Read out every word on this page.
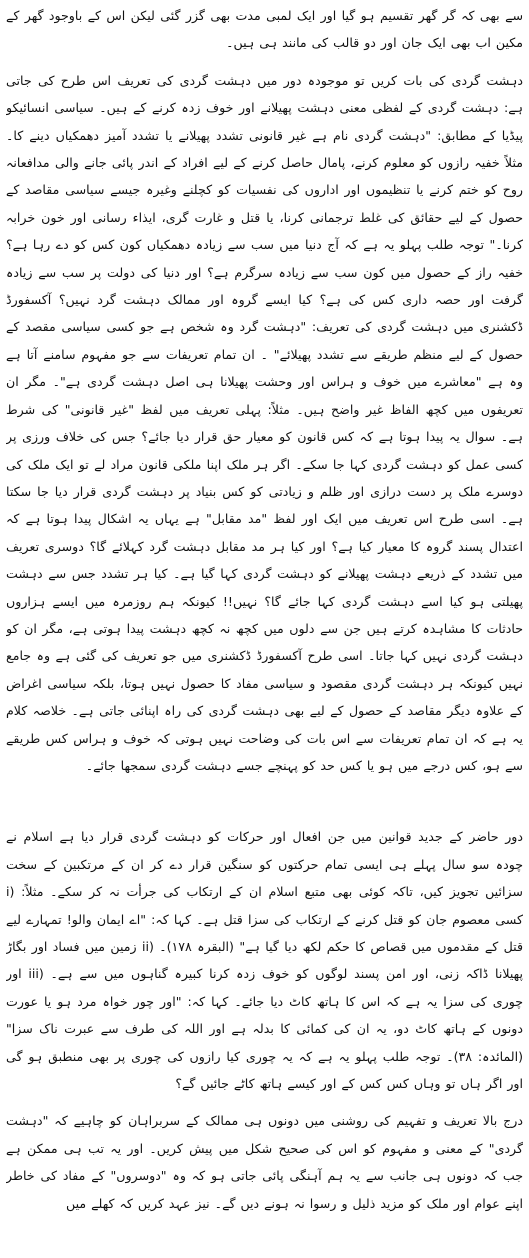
سے بھی کہ گر گھر تقسیم ہو گیا اور ایک لمبی مدت بھی گزر گئی لیکن اس کے باوجود گھر کے مکین اب بھی ایک جان اور دو قالب کی مانند ہی ہیں۔

دہشت گردی کی بات کریں تو موجودہ دور میں دہشت گردی کی تعریف اس طرح کی جاتی ہے: دہشت گردی کے لفظی معنی دہشت پھیلانے اور خوف زدہ کرنے کے ہیں۔ سیاسی انسائیکو پیڈیا کے مطابق: "دہشت گردی نام ہے غیر قانونی تشدد پھیلانے یا تشدد آمیز دھمکیاں دینے کا۔ مثلاً خفیہ رازوں کو معلوم کرنے، پامال حاصل کرنے کے لیے افراد کے اندر پائی جانے والی مدافعانہ روح کو ختم کرنے یا تنظیموں اور اداروں کی نفسیات کو کچلنے وغیرہ جیسے سیاسی مقاصد کے حصول کے لیے حقائق کی غلط ترجمانی کرنا، یا قتل و غارت گری، ایذاء رسانی اور خون خرابہ کرنا۔" توجہ طلب پہلو یہ ہے کہ آج دنیا میں سب سے زیادہ دھمکیاں کون کس کو دے رہا ہے؟ خفیہ راز کے حصول میں کون سب سے زیادہ سرگرم ہے؟ اور دنیا کی دولت پر سب سے زیادہ گرفت اور حصہ داری کس کی ہے؟ کیا ایسے گروہ اور ممالک دہشت گرد نہیں؟ آکسفورڈ ڈکشنری میں دہشت گردی کی تعریف: "دہشت گرد وہ شخص ہے جو کسی سیاسی مقصد کے حصول کے لیے منظم طریقے سے تشدد پھیلائے" ۔ ان تمام تعریفات سے جو مفہوم سامنے آتا ہے وہ ہے "معاشرے میں خوف و ہراس اور وحشت پھیلانا ہی اصل دہشت گردی ہے"۔ مگر ان تعریفوں میں کچھ الفاظ غیر واضح ہیں۔ مثلاً: پہلی تعریف میں لفظ "غیر قانونی" کی شرط ہے۔ سوال یہ پیدا ہوتا ہے کہ کس قانون کو معیار حق قرار دیا جائے؟ جس کی خلاف ورزی پر کسی عمل کو دہشت گردی کہا جا سکے۔ اگر ہر ملک اپنا ملکی قانون مراد لے تو ایک ملک کی دوسرے ملک پر دست درازی اور ظلم و زیادتی کو کس بنیاد پر دہشت گردی قرار دیا جا سکتا ہے۔ اسی طرح اس تعریف میں ایک اور لفظ "مد مقابل" ہے یہاں یہ اشکال پیدا ہوتا ہے کہ اعتدال پسند گروہ کا معیار کیا ہے؟ اور کیا ہر مد مقابل دہشت گرد کہلائے گا؟ دوسری تعریف میں تشدد کے ذریعے دہشت پھیلانے کو دہشت گردی کہا گیا ہے۔ کیا ہر تشدد جس سے دہشت پھیلتی ہو کیا اسے دہشت گردی کہا جائے گا؟ نہیں!! کیونکہ ہم روزمرہ میں ایسے ہزاروں حادثات کا مشاہدہ کرتے ہیں جن سے دلوں میں کچھ نہ کچھ دہشت پیدا ہوتی ہے، مگر ان کو دہشت گردی نہیں کہا جاتا۔ اسی طرح آکسفورڈ ڈکشنری میں جو تعریف کی گئی ہے وہ جامع نہیں کیونکہ ہر دہشت گردی مقصود و سیاسی مفاد کا حصول نہیں ہوتا، بلکہ سیاسی اغراض کے علاوہ دیگر مقاصد کے حصول کے لیے بھی دہشت گردی کی راہ اپنائی جاتی ہے۔ خلاصہ کلام یہ ہے کہ ان تمام تعریفات سے اس بات کی وضاحت نہیں ہوتی کہ خوف و ہراس کس طریقے سے ہو، کس درجے میں ہو یا کس حد کو پہنچے جسے دہشت گردی سمجھا جائے۔

دور حاضر کے جدید قوانین میں جن افعال اور حرکات کو دہشت گردی قرار دیا ہے اسلام نے چودہ سو سال پہلے ہی ایسی تمام حرکتوں کو سنگین قرار دے کر ان کے مرتکبین کے سخت سزائیں تجویز کیں، تاکہ کوئی بھی متبع اسلام ان کے ارتکاب کی جرأت نہ کر سکے۔ مثلاً: (i کسی معصوم جان کو قتل کرنے کے ارتکاب کی سزا قتل ہے۔ کہا کہ: "اے ایمان والو! تمہارے لیے قتل کے مقدموں میں قصاص کا حکم لکھ دیا گیا ہے" (البقرہ ۱۷۸)۔ (ii زمین میں فساد اور بگاڑ پھیلانا ڈاکہ زنی، اور امن پسند لوگوں کو خوف زدہ کرنا کبیرہ گناہوں میں سے ہے۔ (iii اور چوری کی سزا یہ ہے کہ اس کا ہاتھ کاٹ دیا جائے۔ کہا کہ: "اور چور خواہ مرد ہو یا عورت دونوں کے ہاتھ کاٹ دو، یہ ان کی کمائی کا بدلہ ہے اور اللہ کی طرف سے عبرت ناک سزا" (المائدہ: ۳۸)۔ توجہ طلب پہلو یہ ہے کہ یہ چوری کیا رازوں کی چوری پر بھی منطبق ہو گی اور اگر ہاں تو وہاں کس کس کے اور کیسے ہاتھ کاٹے جائیں گے؟

درج بالا تعریف و تفہیم کی روشنی میں دونوں ہی ممالک کے سربراہان کو چاہیے کہ "دہشت گردی" کے معنی و مفہوم کو اس کی صحیح شکل میں پیش کریں۔ اور یہ تب ہی ممکن ہے جب کہ دونوں ہی جانب سے یہ ہم آہنگی پائی جاتی ہو کہ وہ "دوسروں" کے مفاد کی خاطر اپنے عوام اور ملک کو مزید ذلیل و رسوا نہ ہونے دیں گے۔ نیز عہد کریں کہ کھلے میں
